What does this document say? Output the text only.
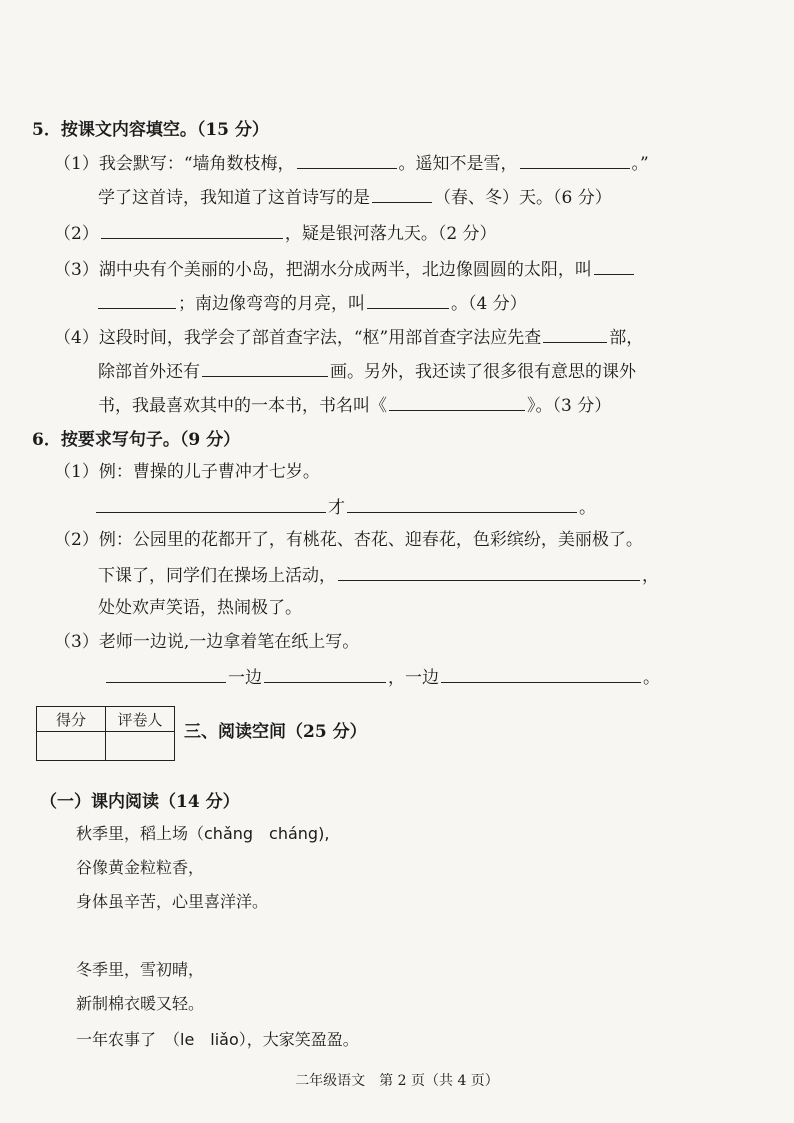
5．按课文内容填空。（15 分）
（1）我会默写：“墙角数枝梅，	。遥知不是雪，	。”
学了这首诗，我知道了这首诗写的是	（春、冬）天。（6 分）
（2）	，疑是银河落九天。（2 分）
（3）湖中央有个美丽的小岛，把湖水分成两半，北边像圆圆的太阳，叫
；南边像弯弯的月亮，叫	。（4 分）
（4）这段时间，我学会了部首查字法，“枢”用部首查字法应先查	部，
除部首外还有	画。另外，我还读了很多很有意思的课外
书，我最喜欢其中的一本书，书名叫《	》。（3 分）
6．按要求写句子。（9 分）
（1）例：曹操的儿子曹冲才七岁。
才	。
（2）例：公园里的花都开了，有桃花、杏花、迎春花，色彩缤纷，美丽极了。
下课了，同学们在操场上活动，	，
处处欢声笑语，热闹极了。
（3）老师一边说,一边拿着笔在纸上写。
一边	，一边	。
得分	评卷人

三、阅读空间（25 分）
（一）课内阅读（14 分）
秋季里，稻上场（chǎng　cháng),
谷像黄金粒粒香，
身体虽辛苦，心里喜洋洋。
冬季里，雪初晴，
新制棉衣暖又轻。
一年农事了　（le　liǎo），大家笑盈盈。
二年级语文　第 2 页（共 4 页）
